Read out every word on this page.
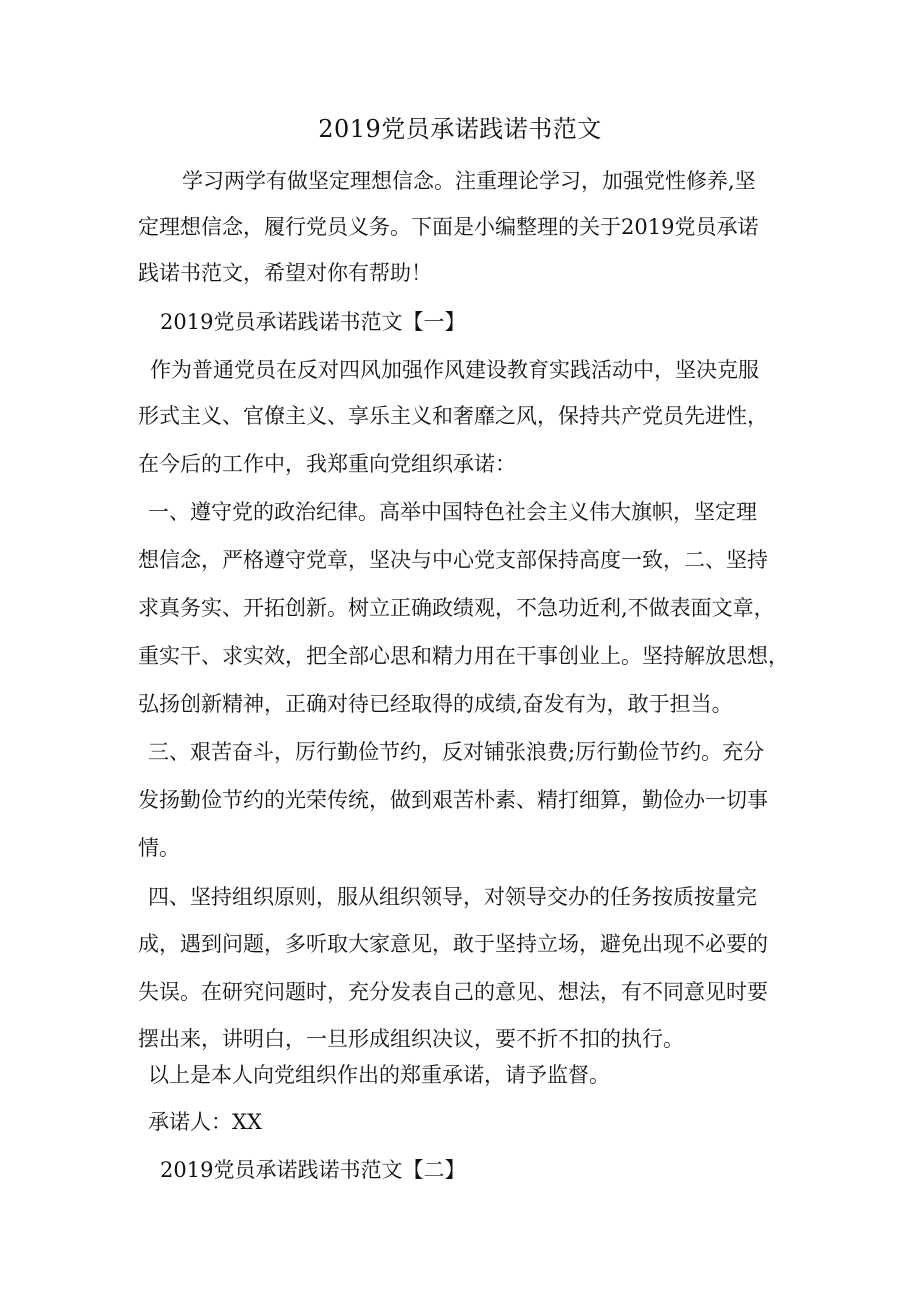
2019党员承诺践诺书范文
学习两学有做坚定理想信念。注重理论学习，加强党性修养,坚
定理想信念，履行党员义务。下面是小编整理的关于2019党员承诺
践诺书范文，希望对你有帮助！
2019党员承诺践诺书范文【一】
作为普通党员在反对四风加强作风建设教育实践活动中，坚决克服
形式主义、官僚主义、享乐主义和奢靡之风，保持共产党员先进性，
在今后的工作中，我郑重向党组织承诺：
一、遵守党的政治纪律。高举中国特色社会主义伟大旗帜，坚定理
想信念，严格遵守党章，坚决与中心党支部保持高度一致，二、坚持
求真务实、开拓创新。树立正确政绩观，不急功近利,不做表面文章，
重实干、求实效，把全部心思和精力用在干事创业上。坚持解放思想，
弘扬创新精神，正确对待已经取得的成绩,奋发有为，敢于担当。
三、艰苦奋斗，厉行勤俭节约，反对铺张浪费;厉行勤俭节约。充分
发扬勤俭节约的光荣传统，做到艰苦朴素、精打细算，勤俭办一切事
情。
四、坚持组织原则，服从组织领导，对领导交办的任务按质按量完
成，遇到问题，多听取大家意见，敢于坚持立场，避免出现不必要的
失误。在研究问题时，充分发表自己的意见、想法，有不同意见时要
摆出来，讲明白，一旦形成组织决议，要不折不扣的执行。
以上是本人向党组织作出的郑重承诺，请予监督。
承诺人：XX
2019党员承诺践诺书范文【二】
